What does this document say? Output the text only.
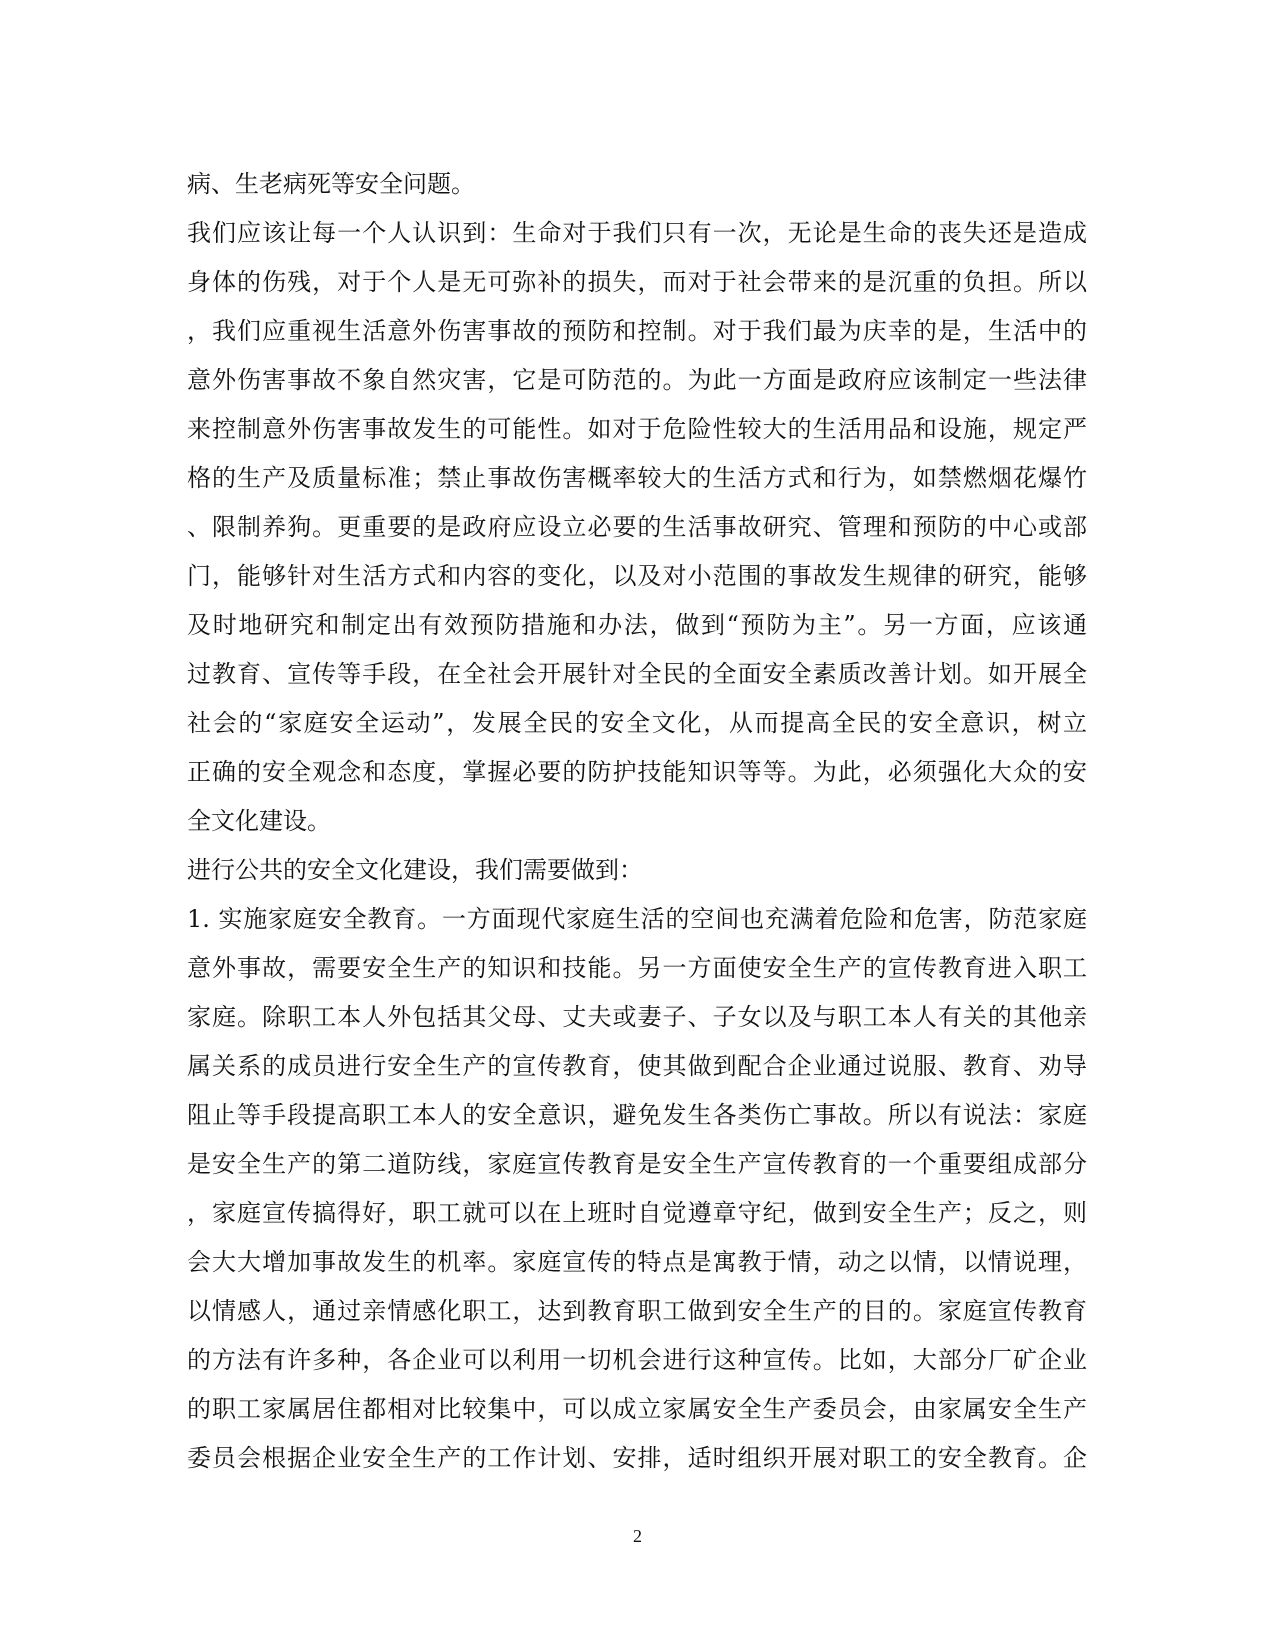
病、生老病死等安全问题。
我们应该让每一个人认识到：生命对于我们只有一次，无论是生命的丧失还是造成
身体的伤残，对于个人是无可弥补的损失，而对于社会带来的是沉重的负担。所以
，我们应重视生活意外伤害事故的预防和控制。对于我们最为庆幸的是，生活中的
意外伤害事故不象自然灾害，它是可防范的。为此一方面是政府应该制定一些法律
来控制意外伤害事故发生的可能性。如对于危险性较大的生活用品和设施，规定严
格的生产及质量标准；禁止事故伤害概率较大的生活方式和行为，如禁燃烟花爆竹
、限制养狗。更重要的是政府应设立必要的生活事故研究、管理和预防的中心或部
门，能够针对生活方式和内容的变化，以及对小范围的事故发生规律的研究，能够
及时地研究和制定出有效预防措施和办法，做到“预防为主”。另一方面，应该通
过教育、宣传等手段，在全社会开展针对全民的全面安全素质改善计划。如开展全
社会的“家庭安全运动”，发展全民的安全文化，从而提高全民的安全意识，树立
正确的安全观念和态度，掌握必要的防护技能知识等等。为此，必须强化大众的安
全文化建设。
进行公共的安全文化建设，我们需要做到：
1. 实施家庭安全教育。一方面现代家庭生活的空间也充满着危险和危害，防范家庭
意外事故，需要安全生产的知识和技能。另一方面使安全生产的宣传教育进入职工
家庭。除职工本人外包括其父母、丈夫或妻子、子女以及与职工本人有关的其他亲
属关系的成员进行安全生产的宣传教育，使其做到配合企业通过说服、教育、劝导
阻止等手段提高职工本人的安全意识，避免发生各类伤亡事故。所以有说法：家庭
是安全生产的第二道防线，家庭宣传教育是安全生产宣传教育的一个重要组成部分
，家庭宣传搞得好，职工就可以在上班时自觉遵章守纪，做到安全生产；反之，则
会大大增加事故发生的机率。家庭宣传的特点是寓教于情，动之以情，以情说理，
以情感人，通过亲情感化职工，达到教育职工做到安全生产的目的。家庭宣传教育
的方法有许多种，各企业可以利用一切机会进行这种宣传。比如，大部分厂矿企业
的职工家属居住都相对比较集中，可以成立家属安全生产委员会，由家属安全生产
委员会根据企业安全生产的工作计划、安排，适时组织开展对职工的安全教育。企
2
